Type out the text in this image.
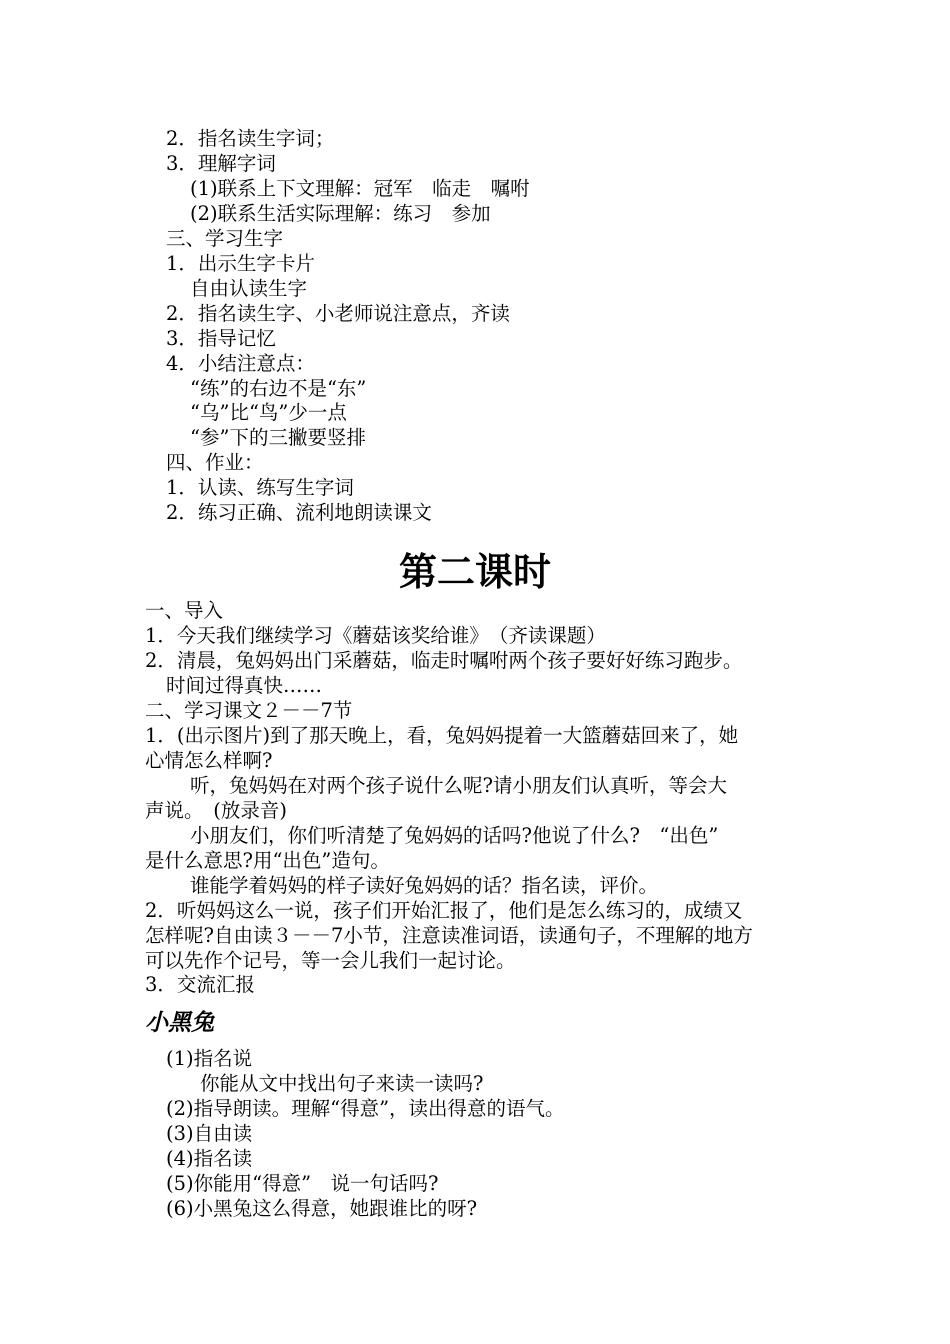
2．指名读生字词；
3．理解字词
(1)联系上下文理解：冠军　临走　嘱咐
(2)联系生活实际理解：练习　参加
三、学习生字
1．出示生字卡片
自由认读生字
2．指名读生字、小老师说注意点，齐读
3．指导记忆
4．小结注意点：
“练”的右边不是“东”
“乌”比“鸟”少一点
“参”下的三撇要竖排
四、作业：
1．认读、练写生字词
2．练习正确、流利地朗读课文
第二课时
一、导入
1．今天我们继续学习《蘑菇该奖给谁》　（齐读课题）
2．清晨，兔妈妈出门采蘑菇，临走时嘱咐两个孩子要好好练习跑步。
时间过得真快……
二、学习课文２－－7节
1．(出示图片)到了那天晚上，看，兔妈妈提着一大篮蘑菇回来了，她
心情怎么样啊?
听，兔妈妈在对两个孩子说什么呢?请小朋友们认真听，等会大
声说。　(放录音)
小朋友们，你们听清楚了兔妈妈的话吗?他说了什么?　“出色”
是什么意思?用“出色”造句。
谁能学着妈妈的样子读好兔妈妈的话？指名读，评价。
2．听妈妈这么一说，孩子们开始汇报了，他们是怎么练习的，成绩又
怎样呢?自由读３－－7小节，注意读准词语，读通句子，不理解的地方
可以先作个记号，等一会儿我们一起讨论。
3．交流汇报
小黑兔
(1)指名说
你能从文中找出句子来读一读吗?
(2)指导朗读。理解“得意”，读出得意的语气。
(3)自由读
(4)指名读
(5)你能用“得意”　说一句话吗?
(6)小黑兔这么得意，她跟谁比的呀?
